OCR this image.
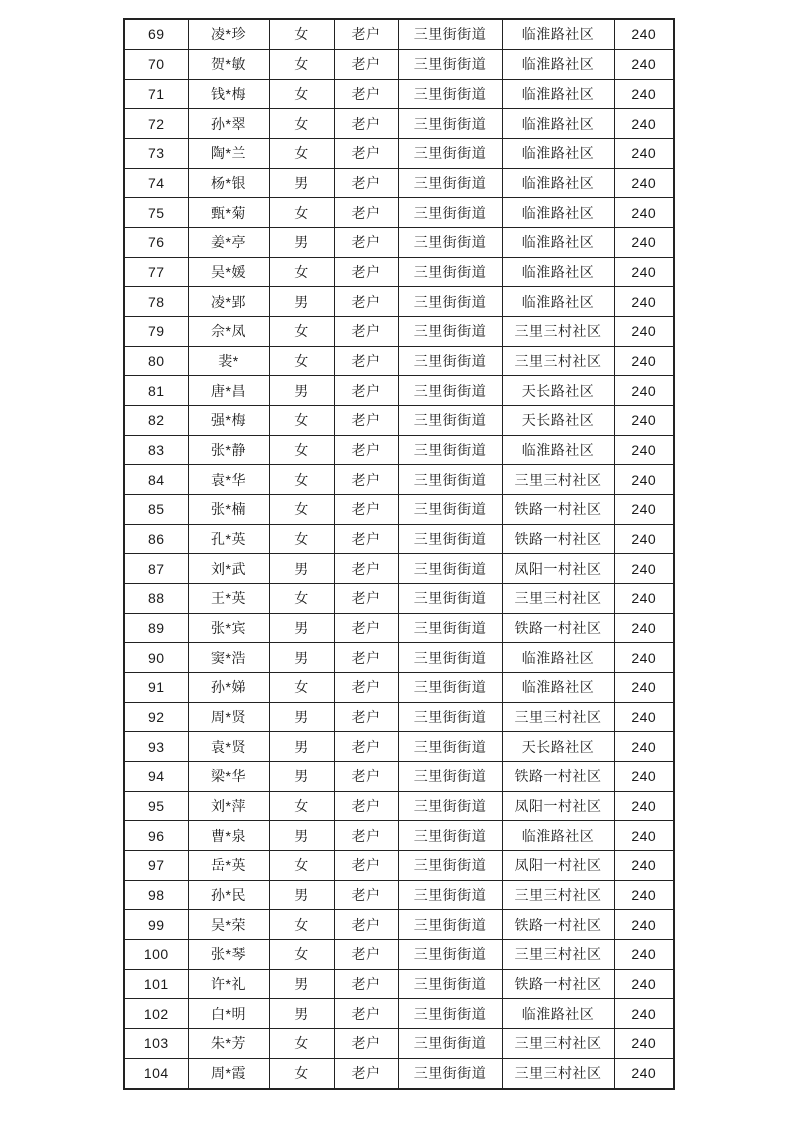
69	凌*珍	女	老户	三里街街道	临淮路社区	240
70	贺*敏	女	老户	三里街街道	临淮路社区	240
71	钱*梅	女	老户	三里街街道	临淮路社区	240
72	孙*翠	女	老户	三里街街道	临淮路社区	240
73	陶*兰	女	老户	三里街街道	临淮路社区	240
74	杨*银	男	老户	三里街街道	临淮路社区	240
75	甄*菊	女	老户	三里街街道	临淮路社区	240
76	姜*亭	男	老户	三里街街道	临淮路社区	240
77	吴*媛	女	老户	三里街街道	临淮路社区	240
78	凌*郢	男	老户	三里街街道	临淮路社区	240
79	佘*凤	女	老户	三里街街道	三里三村社区	240
80	裴*	女	老户	三里街街道	三里三村社区	240
81	唐*昌	男	老户	三里街街道	天长路社区	240
82	强*梅	女	老户	三里街街道	天长路社区	240
83	张*静	女	老户	三里街街道	临淮路社区	240
84	袁*华	女	老户	三里街街道	三里三村社区	240
85	张*楠	女	老户	三里街街道	铁路一村社区	240
86	孔*英	女	老户	三里街街道	铁路一村社区	240
87	刘*武	男	老户	三里街街道	凤阳一村社区	240
88	王*英	女	老户	三里街街道	三里三村社区	240
89	张*宾	男	老户	三里街街道	铁路一村社区	240
90	窦*浩	男	老户	三里街街道	临淮路社区	240
91	孙*娣	女	老户	三里街街道	临淮路社区	240
92	周*贤	男	老户	三里街街道	三里三村社区	240
93	袁*贤	男	老户	三里街街道	天长路社区	240
94	梁*华	男	老户	三里街街道	铁路一村社区	240
95	刘*萍	女	老户	三里街街道	凤阳一村社区	240
96	曹*泉	男	老户	三里街街道	临淮路社区	240
97	岳*英	女	老户	三里街街道	凤阳一村社区	240
98	孙*民	男	老户	三里街街道	三里三村社区	240
99	吴*荣	女	老户	三里街街道	铁路一村社区	240
100	张*琴	女	老户	三里街街道	三里三村社区	240
101	许*礼	男	老户	三里街街道	铁路一村社区	240
102	白*明	男	老户	三里街街道	临淮路社区	240
103	朱*芳	女	老户	三里街街道	三里三村社区	240
104	周*霞	女	老户	三里街街道	三里三村社区	240
